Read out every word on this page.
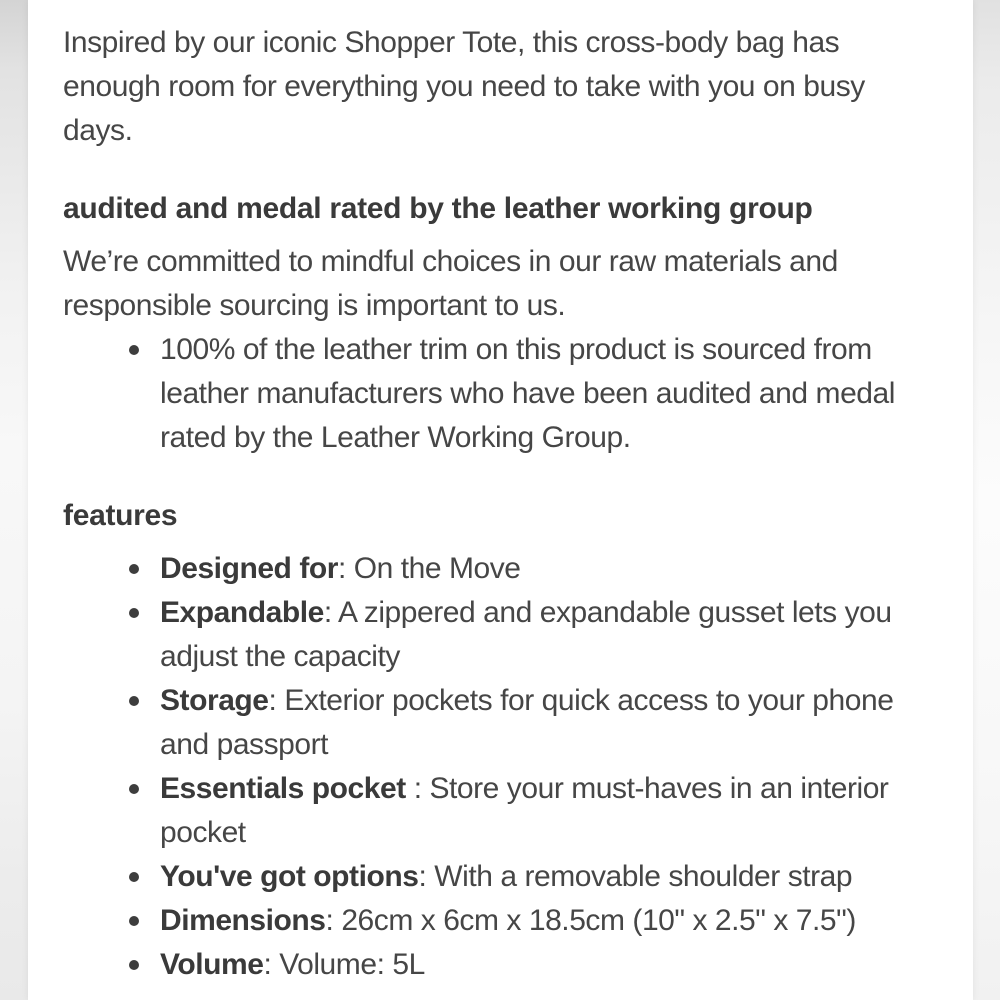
Inspired by our iconic Shopper Tote, this cross-body bag has enough room for everything you need to take with you on busy days.

audited and medal rated by the leather working group

We’re committed to mindful choices in our raw materials and responsible sourcing is important to us.

100% of the leather trim on this product is sourced from leather manufacturers who have been audited and medal rated by the Leather Working Group.
features
Designed for: On the Move
Expandable: A zippered and expandable gusset lets you adjust the capacity
Storage: Exterior pockets for quick access to your phone and passport
Essentials pocket : Store your must-haves in an interior pocket
You've got options: With a removable shoulder strap
Dimensions: 26cm x 6cm x 18.5cm (10" x 2.5" x 7.5")
Volume: Volume: 5L
